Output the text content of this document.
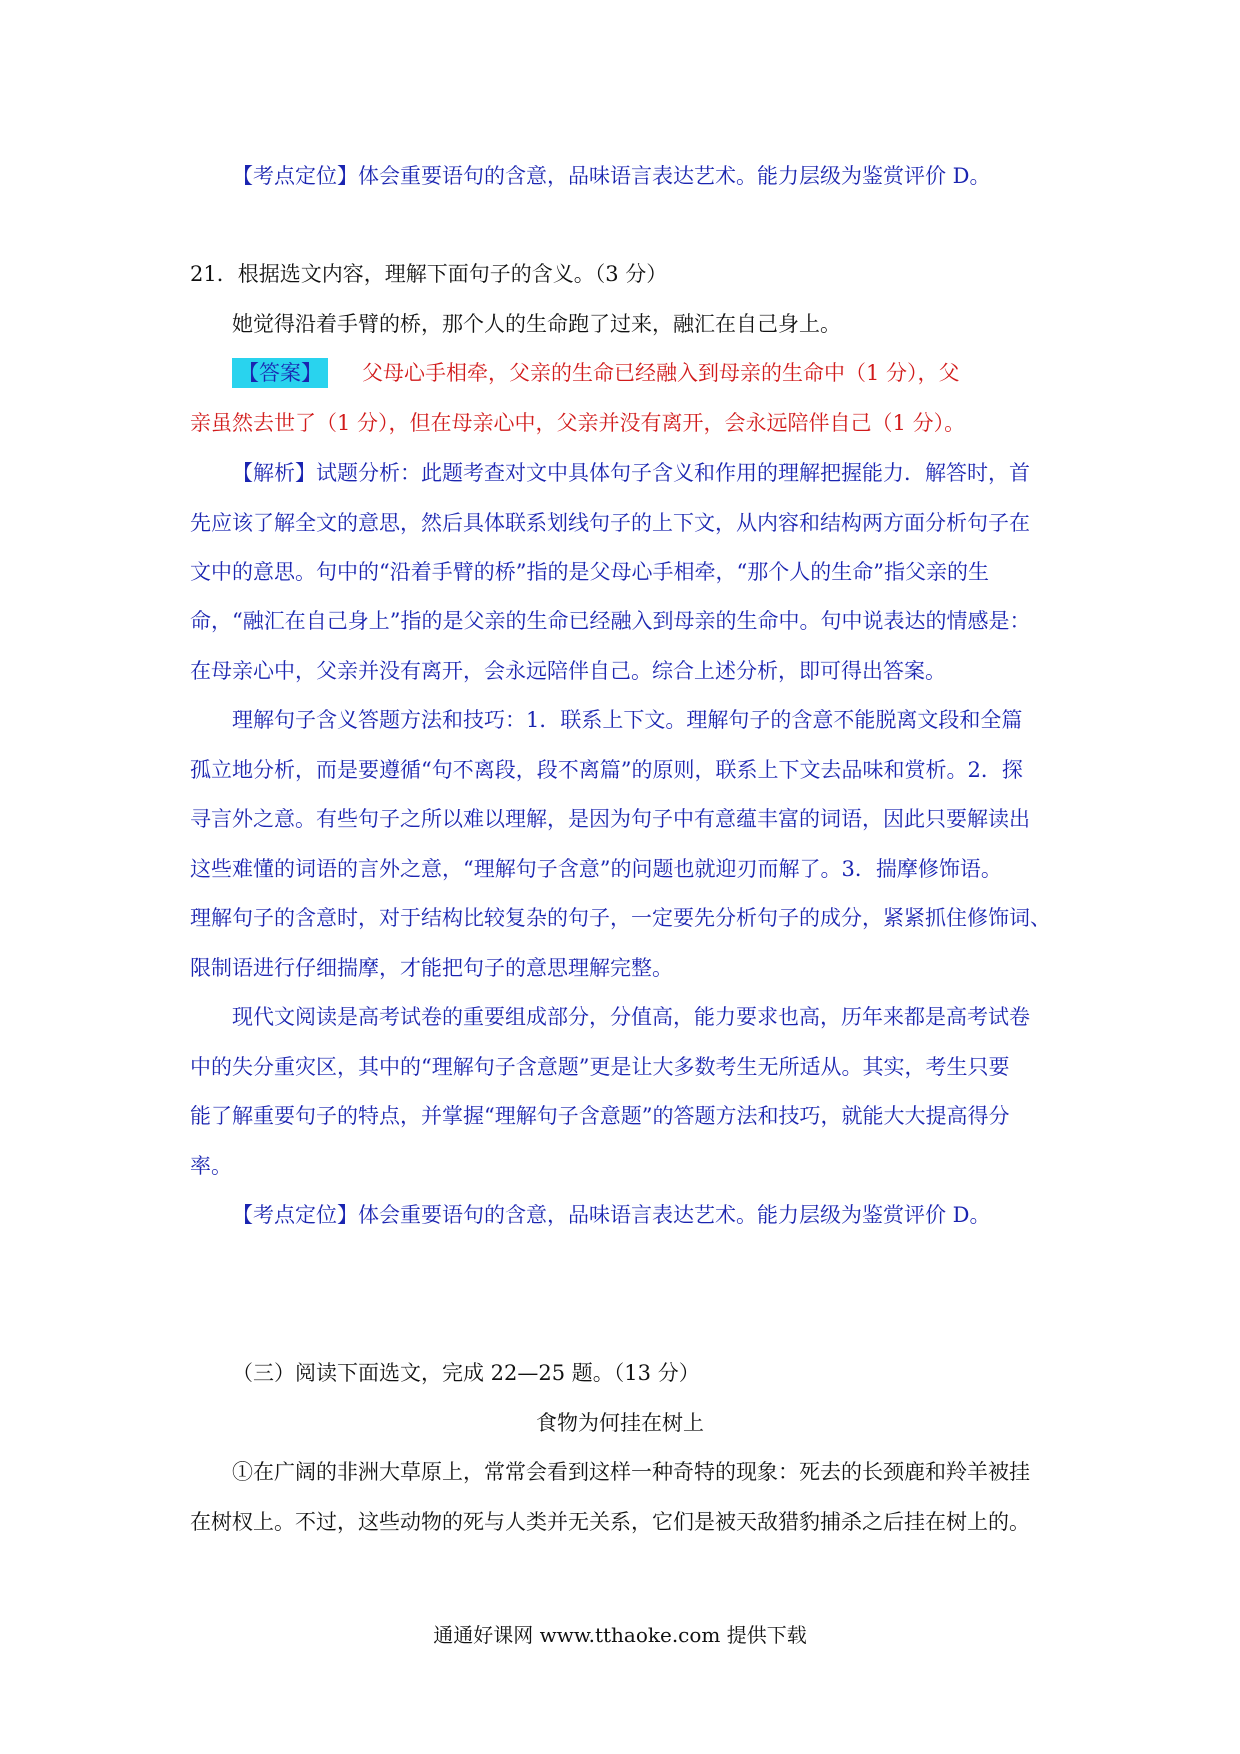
【考点定位】体会重要语句的含意，品味语言表达艺术。能力层级为鉴赏评价 D。
21．根据选文内容，理解下面句子的含义。（3 分）
她觉得沿着手臂的桥，那个人的生命跑了过来，融汇在自己身上。
【答案】 父母心手相牵，父亲的生命已经融入到母亲的生命中（1 分），父
亲虽然去世了（1 分），但在母亲心中，父亲并没有离开，会永远陪伴自己（1 分）。
【解析】试题分析：此题考查对文中具体句子含义和作用的理解把握能力．解答时，首
先应该了解全文的意思，然后具体联系划线句子的上下文，从内容和结构两方面分析句子在
文中的意思。句中的“沿着手臂的桥”指的是父母心手相牵，“那个人的生命”指父亲的生
命，“融汇在自己身上”指的是父亲的生命已经融入到母亲的生命中。句中说表达的情感是：
在母亲心中，父亲并没有离开，会永远陪伴自己。综合上述分析，即可得出答案。
理解句子含义答题方法和技巧：1．联系上下文。理解句子的含意不能脱离文段和全篇
孤立地分析，而是要遵循“句不离段，段不离篇”的原则，联系上下文去品味和赏析。2．探
寻言外之意。有些句子之所以难以理解，是因为句子中有意蕴丰富的词语，因此只要解读出
这些难懂的词语的言外之意，“理解句子含意”的问题也就迎刃而解了。3．揣摩修饰语。
理解句子的含意时，对于结构比较复杂的句子，一定要先分析句子的成分，紧紧抓住修饰词、
限制语进行仔细揣摩，才能把句子的意思理解完整。
现代文阅读是高考试卷的重要组成部分，分值高，能力要求也高，历年来都是高考试卷
中的失分重灾区，其中的“理解句子含意题”更是让大多数考生无所适从。其实，考生只要
能了解重要句子的特点，并掌握“理解句子含意题”的答题方法和技巧，就能大大提高得分
率。
【考点定位】体会重要语句的含意，品味语言表达艺术。能力层级为鉴赏评价 D。
（三）阅读下面选文，完成 22—25 题。（13 分）
食物为何挂在树上
①在广阔的非洲大草原上，常常会看到这样一种奇特的现象：死去的长颈鹿和羚羊被挂
在树杈上。不过，这些动物的死与人类并无关系，它们是被天敌猎豹捕杀之后挂在树上的。
通通好课网 www.tthaoke.com 提供下载
